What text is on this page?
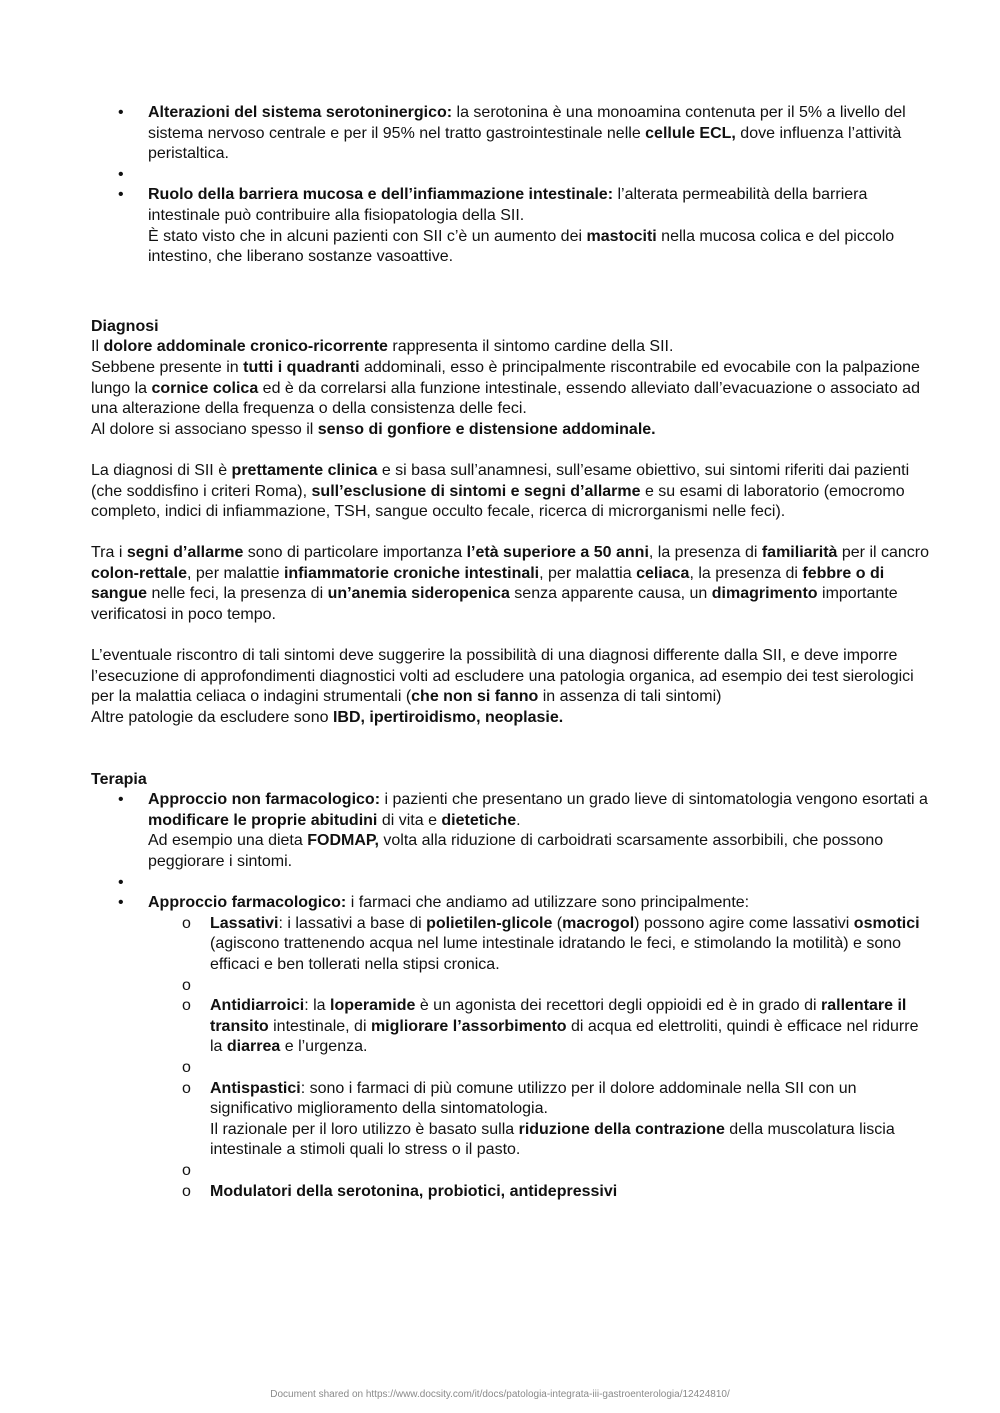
• Alterazioni del sistema serotoninergico: la serotonina è una monoamina contenuta per il 5% a livello del sistema nervoso centrale e per il 95% nel tratto gastrointestinale nelle cellule ECL, dove influenza l’attività peristaltica.
•
• Ruolo della barriera mucosa e dell’infiammazione intestinale: l’alterata permeabilità della barriera intestinale può contribuire alla fisiopatologia della SII.
È stato visto che in alcuni pazienti con SII c’è un aumento dei mastociti nella mucosa colica e del piccolo intestino, che liberano sostanze vasoattive.
Diagnosi
Il dolore addominale cronico-ricorrente rappresenta il sintomo cardine della SII.
Sebbene presente in tutti i quadranti addominali, esso è principalmente riscontrabile ed evocabile con la palpazione lungo la cornice colica ed è da correlarsi alla funzione intestinale, essendo alleviato dall’evacuazione o associato ad una alterazione della frequenza o della consistenza delle feci.
Al dolore si associano spesso il senso di gonfiore e distensione addominale.
La diagnosi di SII è prettamente clinica e si basa sull’anamnesi, sull’esame obiettivo, sui sintomi riferiti dai pazienti (che soddisfino i criteri Roma), sull’esclusione di sintomi e segni d’allarme e su esami di laboratorio (emocromo completo, indici di infiammazione, TSH, sangue occulto fecale, ricerca di microrganismi nelle feci).
Tra i segni d’allarme sono di particolare importanza l’età superiore a 50 anni, la presenza di familiarità per il cancro colon-rettale, per malattie infiammatorie croniche intestinali, per malattia celiaca, la presenza di febbre o di sangue nelle feci, la presenza di un’anemia sideropenica senza apparente causa, un dimagrimento importante verificatosi in poco tempo.
L’eventuale riscontro di tali sintomi deve suggerire la possibilità di una diagnosi differente dalla SII, e deve imporre l’esecuzione di approfondimenti diagnostici volti ad escludere una patologia organica, ad esempio dei test sierologici per la malattia celiaca o indagini strumentali (che non si fanno in assenza di tali sintomi)
Altre patologie da escludere sono IBD, ipertiroidismo, neoplasie.
Terapia
• Approccio non farmacologico: i pazienti che presentano un grado lieve di sintomatologia vengono esortati a modificare le proprie abitudini di vita e dietetiche.
Ad esempio una dieta FODMAP, volta alla riduzione di carboidrati scarsamente assorbibili, che possono peggiorare i sintomi.
•
• Approccio farmacologico: i farmaci che andiamo ad utilizzare sono principalmente:
o Lassativi: i lassativi a base di polietilen-glicole (macrogol) possono agire come lassativi osmotici (agiscono trattenendo acqua nel lume intestinale idratando le feci, e stimolando la motilità) e sono efficaci e ben tollerati nella stipsi cronica.
o
o Antidiarroici: la loperamide è un agonista dei recettori degli oppioidi ed è in grado di rallentare il transito intestinale, di migliorare l’assorbimento di acqua ed elettroliti, quindi è efficace nel ridurre la diarrea e l’urgenza.
o
o Antispastici: sono i farmaci di più comune utilizzo per il dolore addominale nella SII con un significativo miglioramento della sintomatologia.
Il razionale per il loro utilizzo è basato sulla riduzione della contrazione della muscolatura liscia intestinale a stimoli quali lo stress o il pasto.
o
o Modulatori della serotonina, probiotici, antidepressivi
Document shared on https://www.docsity.com/it/docs/patologia-integrata-iii-gastroenterologia/12424810/
